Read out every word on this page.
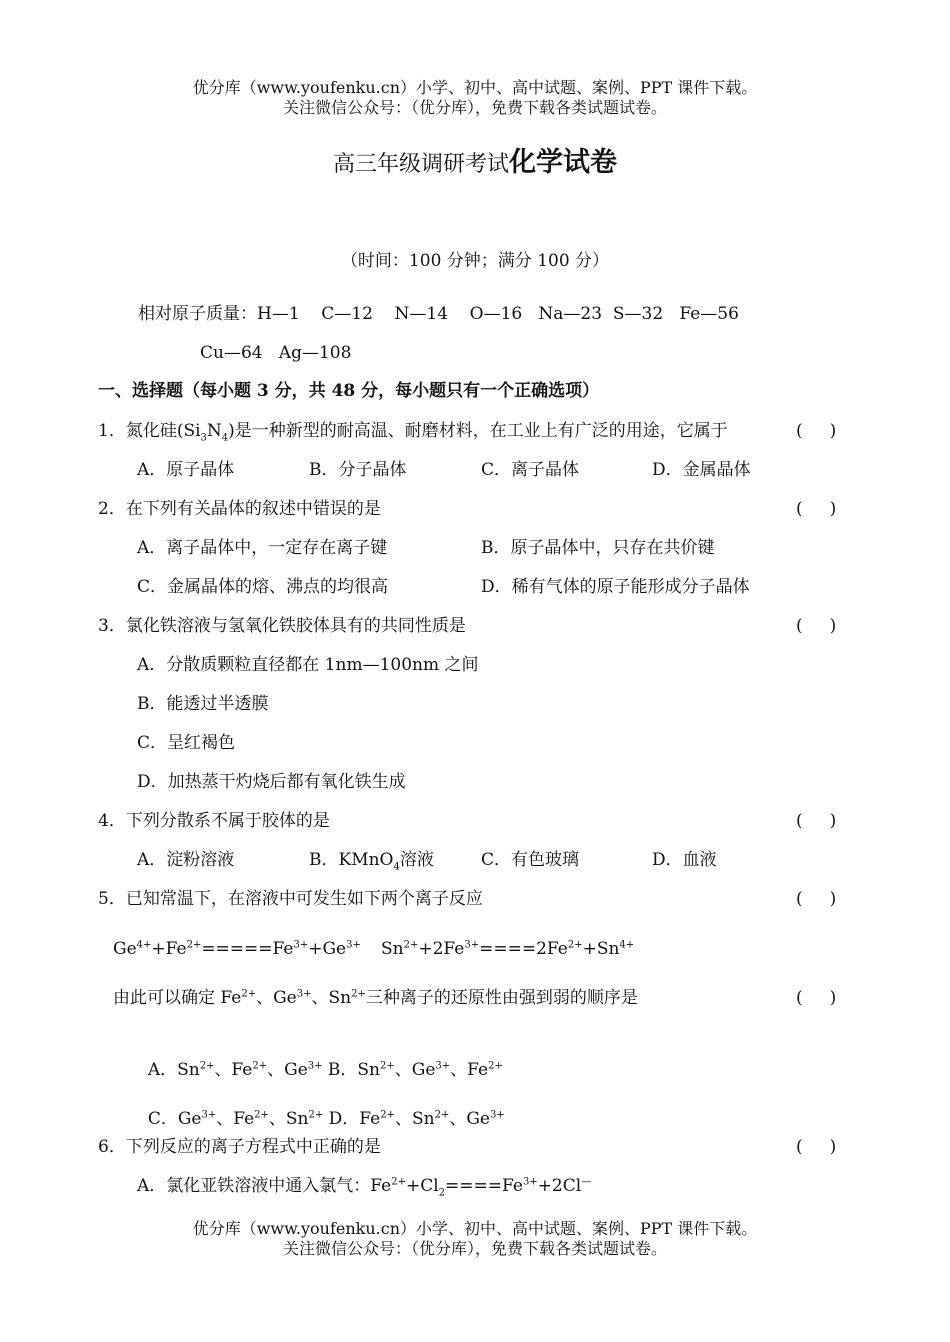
优分库（www.youfenku.cn）小学、初中、高中试题、案例、PPT 课件下载。
关注微信公众号：（优分库），免费下载各类试题试卷。
高三年级调研考试化学试卷
（时间：100 分钟；满分 100 分）
相对原子质量：H—1    C—12    N—14    O—16   Na—23  S—32   Fe—56
Cu—64   Ag—108
一、选择题（每小题 3 分，共 48 分，每小题只有一个正确选项）
1．氮化硅$(Si_3N_4)$是一种新型的耐高温、耐磨材料，在工业上有广泛的用途，它属于	(     )
A．原子晶体	B．分子晶体	C．离子晶体	D．金属晶体
2．在下列有关晶体的叙述中错误的是	(     )
A．离子晶体中，一定存在离子键	B．原子晶体中，只存在共价键
C．金属晶体的熔、沸点的均很高	D．稀有气体的原子能形成分子晶体
3．氯化铁溶液与氢氧化铁胶体具有的共同性质是	(     )
A．分散质颗粒直径都在 1nm—100nm 之间
B．能透过半透膜
C．呈红褐色
D．加热蒸干灼烧后都有氧化铁生成
4．下列分散系不属于胶体的是	(     )
A．淀粉溶液	B．KMnO$_4$溶液	C．有色玻璃	D．血液
5．已知常温下，在溶液中可发生如下两个离子反应	(     )
$Ge^{4+}+Fe^{2+}=====Fe^{3+}+Ge^{3+}$ $Sn^{2+}+2Fe^{3+}====2Fe^{2+}+Sn^{4+}$
由此可以确定 $Fe^{2+}$、$Ge^{3+}$、$Sn^{2+}$三种离子的还原性由强到弱的顺序是	(     )

A．$Sn^{2+}$、$Fe^{2+}$、$Ge^{3+}$ B．$Sn^{2+}$、$Ge^{3+}$、$Fe^{2+}$

C．$Ge^{3+}$、$Fe^{2+}$、$Sn^{2+}$ D．$Fe^{2+}$、$Sn^{2+}$、$Ge^{3+}$

6．下列反应的离子方程式中正确的是	(     )
A．氯化亚铁溶液中通入氯气：$Fe^{2+}+Cl_2====Fe^{3+}+2Cl^—$
优分库（www.youfenku.cn）小学、初中、高中试题、案例、PPT 课件下载。
关注微信公众号：（优分库），免费下载各类试题试卷。
